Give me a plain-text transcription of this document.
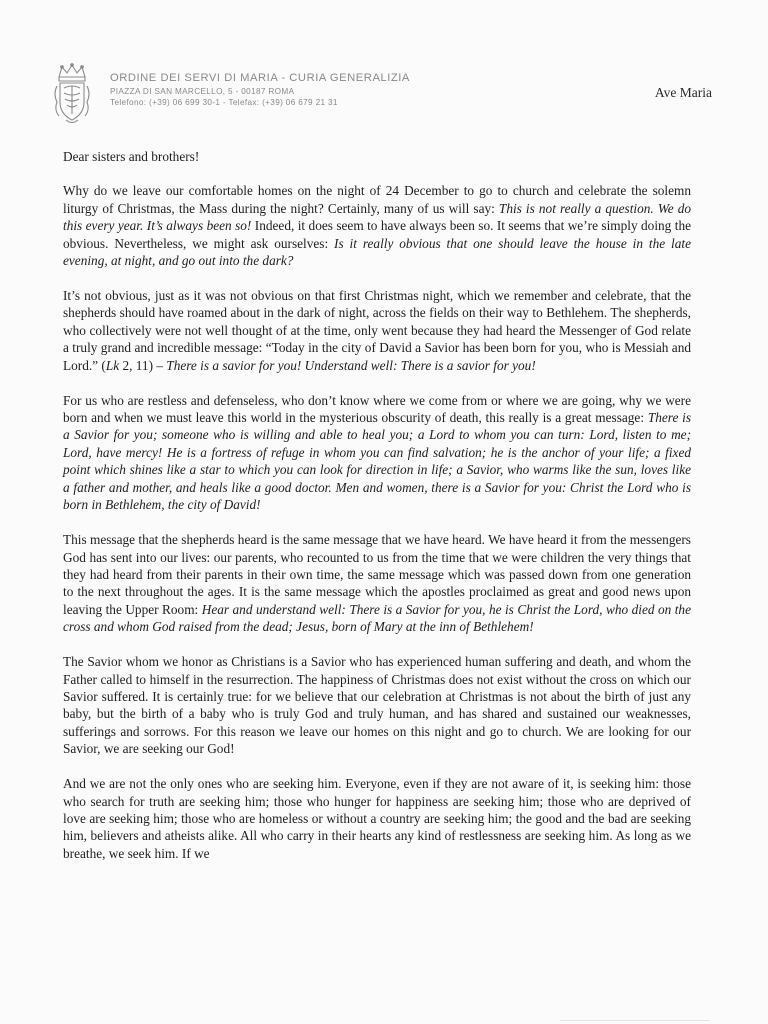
ORDINE DEI SERVI DI MARIA - CURIA GENERALIZIA
PIAZZA DI SAN MARCELLO, 5 - 00187 ROMA
Telefono: (+39) 06 699 30-1 - Telefax: (+39) 06 679 21 31
Ave Maria

Dear sisters and brothers!

Why do we leave our comfortable homes on the night of 24 December to go to church and celebrate the solemn liturgy of Christmas, the Mass during the night? Certainly, many of us will say: This is not really a question. We do this every year. It’s always been so! Indeed, it does seem to have always been so. It seems that we’re simply doing the obvious. Nevertheless, we might ask ourselves: Is it really obvious that one should leave the house in the late evening, at night, and go out into the dark?

It’s not obvious, just as it was not obvious on that first Christmas night, which we remember and celebrate, that the shepherds should have roamed about in the dark of night, across the fields on their way to Bethlehem. The shepherds, who collectively were not well thought of at the time, only went because they had heard the Messenger of God relate a truly grand and incredible message: “Today in the city of David a Savior has been born for you, who is Messiah and Lord.” (Lk 2, 11) – There is a savior for you! Understand well: There is a savior for you!

For us who are restless and defenseless, who don’t know where we come from or where we are going, why we were born and when we must leave this world in the mysterious obscurity of death, this really is a great message: There is a Savior for you; someone who is willing and able to heal you; a Lord to whom you can turn: Lord, listen to me; Lord, have mercy! He is a fortress of refuge in whom you can find salvation; he is the anchor of your life; a fixed point which shines like a star to which you can look for direction in life; a Savior, who warms like the sun, loves like a father and mother, and heals like a good doctor. Men and women, there is a Savior for you: Christ the Lord who is born in Bethlehem, the city of David!

This message that the shepherds heard is the same message that we have heard. We have heard it from the messengers God has sent into our lives: our parents, who recounted to us from the time that we were children the very things that they had heard from their parents in their own time, the same message which was passed down from one generation to the next throughout the ages. It is the same message which the apostles proclaimed as great and good news upon leaving the Upper Room: Hear and understand well: There is a Savior for you, he is Christ the Lord, who died on the cross and whom God raised from the dead; Jesus, born of Mary at the inn of Bethlehem!

The Savior whom we honor as Christians is a Savior who has experienced human suffering and death, and whom the Father called to himself in the resurrection. The happiness of Christmas does not exist without the cross on which our Savior suffered. It is certainly true: for we believe that our celebration at Christmas is not about the birth of just any baby, but the birth of a baby who is truly God and truly human, and has shared and sustained our weaknesses, sufferings and sorrows. For this reason we leave our homes on this night and go to church. We are looking for our Savior, we are seeking our God!

And we are not the only ones who are seeking him. Everyone, even if they are not aware of it, is seeking him: those who search for truth are seeking him; those who hunger for happiness are seeking him; those who are deprived of love are seeking him; those who are homeless or without a country are seeking him; the good and the bad are seeking him, believers and atheists alike. All who carry in their hearts any kind of restlessness are seeking him. As long as we breathe, we seek him. If we
